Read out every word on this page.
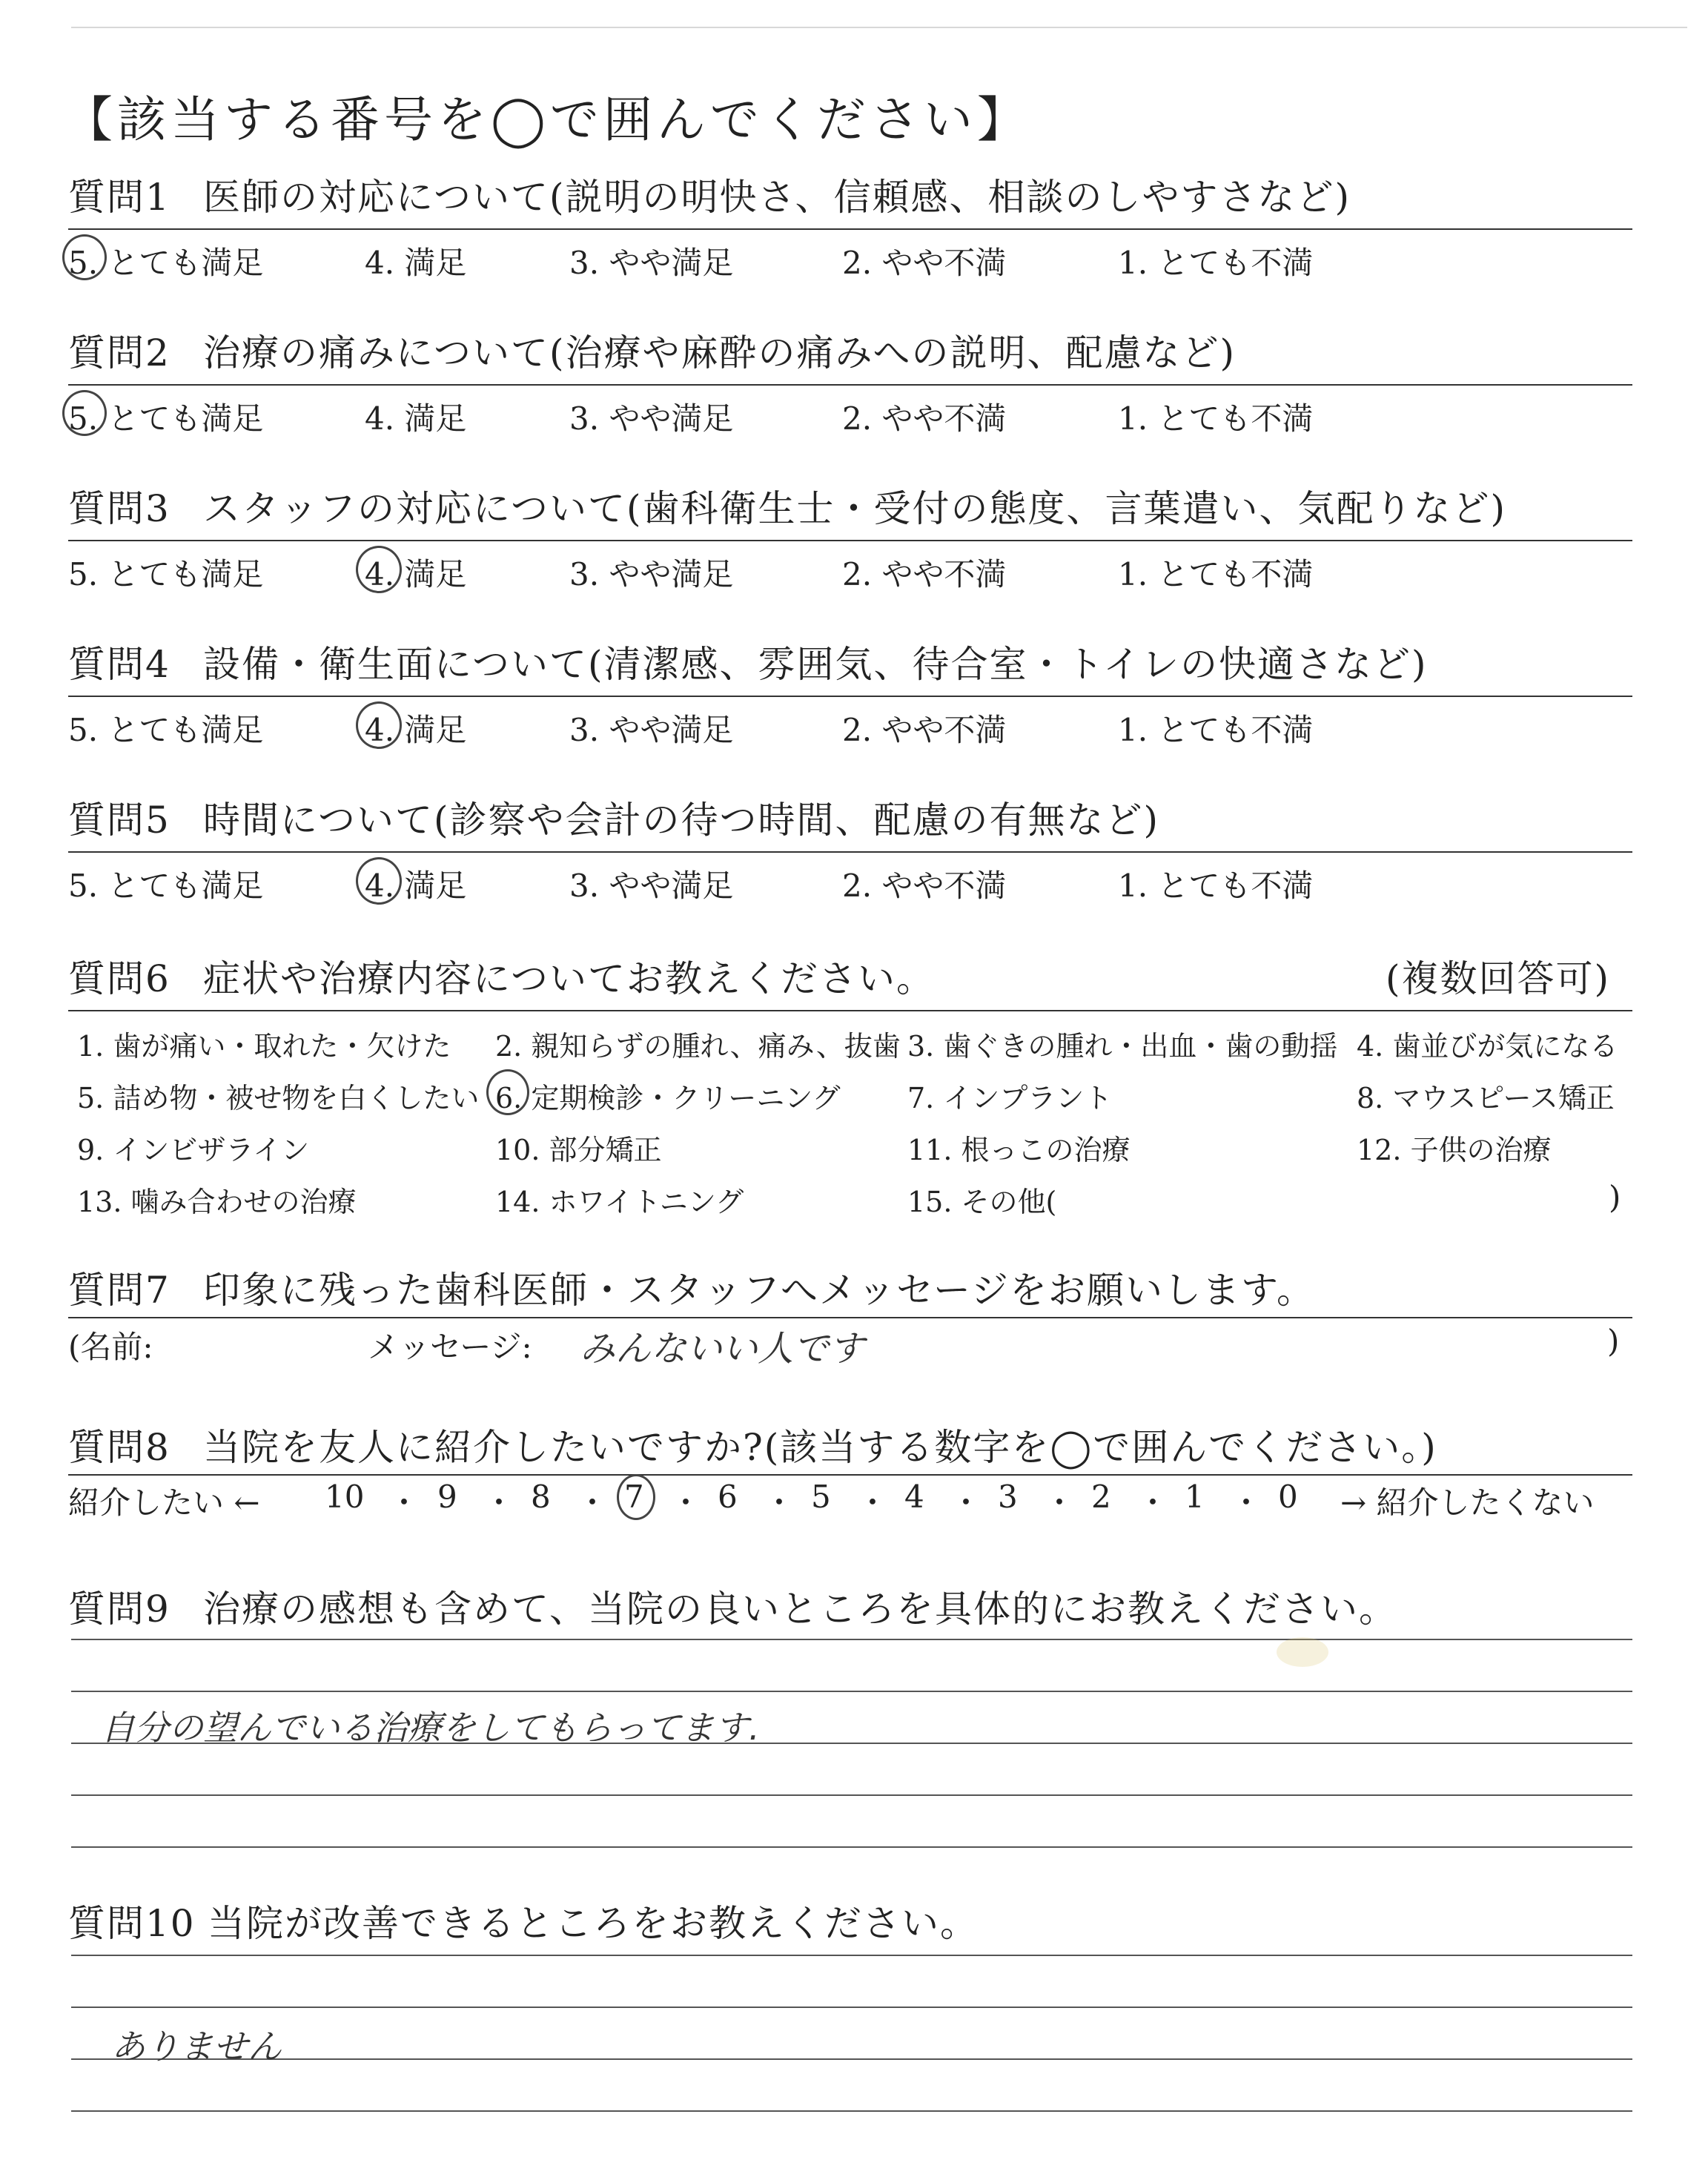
【該当する番号を◯で囲んでください】
質問1 医師の対応について(説明の明快さ、信頼感、相談のしやすさなど)
5. とても満足	4. 満足	3. やや満足	2. やや不満	1. とても不満
質問2 治療の痛みについて(治療や麻酔の痛みへの説明、配慮など)
5. とても満足	4. 満足	3. やや満足	2. やや不満	1. とても不満
質問3 スタッフの対応について(歯科衛生士・受付の態度、言葉遣い、気配りなど)
5. とても満足	4. 満足	3. やや満足	2. やや不満	1. とても不満
質問4 設備・衛生面について(清潔感、雰囲気、待合室・トイレの快適さなど)
5. とても満足	4. 満足	3. やや満足	2. やや不満	1. とても不満
質問5 時間について(診察や会計の待つ時間、配慮の有無など)
5. とても満足	4. 満足	3. やや満足	2. やや不満	1. とても不満
質問6 症状や治療内容についてお教えください。	(複数回答可)
1. 歯が痛い・取れた・欠けた 2. 親知らずの腫れ、痛み、抜歯 3. 歯ぐきの腫れ・出血・歯の動揺 4. 歯並びが気になる
5. 詰め物・被せ物を白くしたい 6. 定期検診・クリーニング 7. インプラント	8. マウスピース矯正
9. インビザライン	10. 部分矯正	11. 根っこの治療	12. 子供の治療
13. 噛み合わせの治療	14. ホワイトニング	15. その他(	)
質問7 印象に残った歯科医師・スタッフへメッセージをお願いします。
(名前:	メッセージ: みんないい人です	)
質問8 当院を友人に紹介したいですか?(該当する数字を◯で囲んでください。)
紹介したい ← 10 ・ 9 ・ 8 ・ 7 ・ 6 ・ 5 ・ 4 ・ 3 ・ 2 ・ 1 ・ 0 → 紹介したくない
質問9 治療の感想も含めて、当院の良いところを具体的にお教えください。
自分の望んでいる治療をしてもらってます.
質問10 当院が改善できるところをお教えください。
ありません
